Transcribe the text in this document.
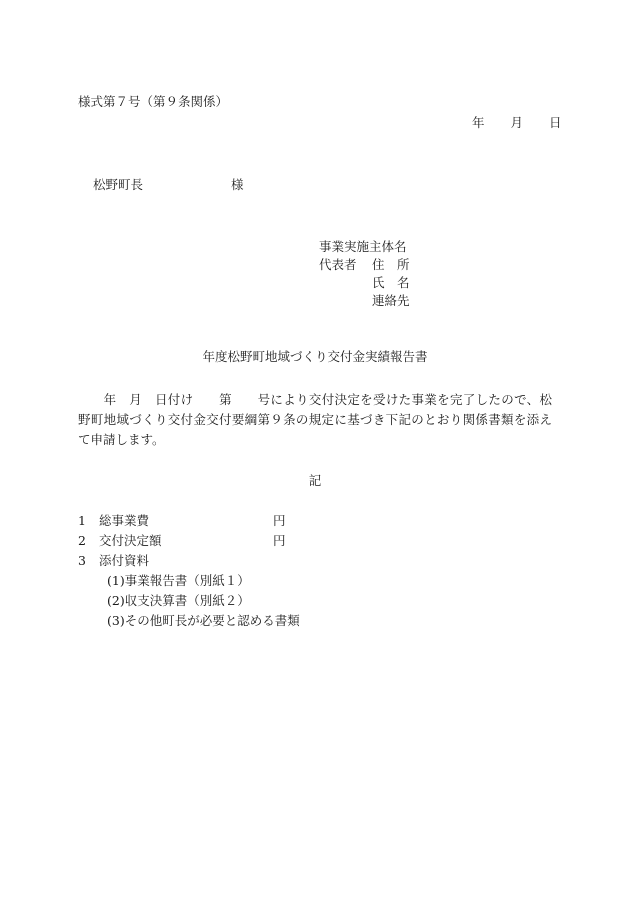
様式第７号（第９条関係）
年 月 日
松野町長	様
事業実施主体名
代表者	住　所
氏　名
連絡先
年度松野町地域づくり交付金実績報告書
　　年　月　日付け　　第　　号により交付決定を受けた事業を完了したので、松野町地域づくり交付金交付要綱第９条の規定に基づき下記のとおり関係書類を添えて申請します。
記
1	総事業費	円
2	交付決定額	円
3	添付資料
(1)事業報告書（別紙１）
(2)収支決算書（別紙２）
(3)その他町長が必要と認める書類
